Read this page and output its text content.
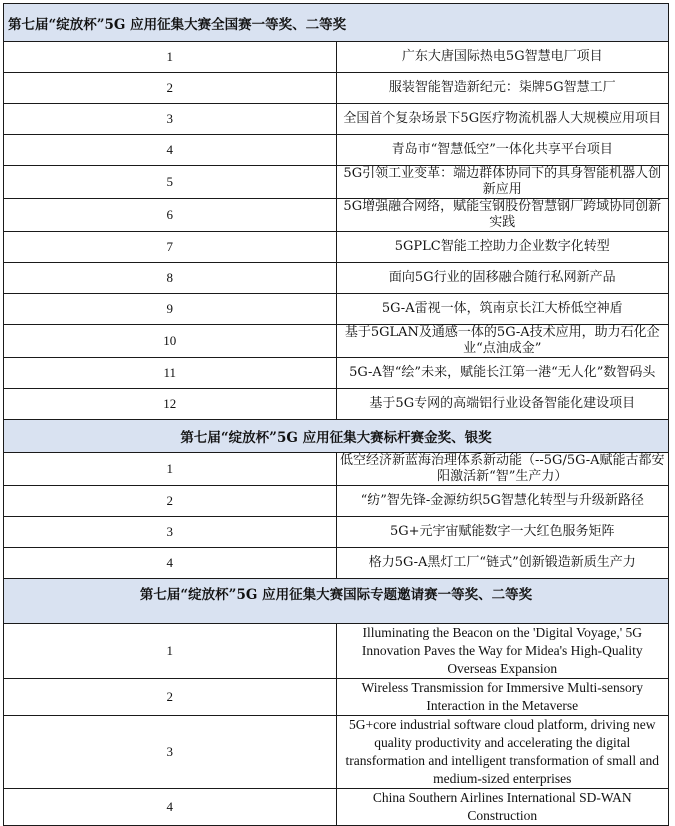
第七届“绽放杯”5G 应用征集大赛全国赛一等奖、二等奖	
1	广东大唐国际热电5G智慧电厂项目
2	服装智能智造新纪元：柒牌5G智慧工厂
3	全国首个复杂场景下5G医疗物流机器人大规模应用项目
4	青岛市“智慧低空”一体化共享平台项目
5	5G引领工业变革：端边群体协同下的具身智能机器人创新应用
6	5G增强融合网络，赋能宝钢股份智慧钢厂跨域协同创新实践
7	5GPLC智能工控助力企业数字化转型
8	面向5G行业的固移融合随行私网新产品
9	5G-A雷视一体，筑南京长江大桥低空神盾
10	基于5GLAN及通感一体的5G-A技术应用，助力石化企业“点油成金”
11	5G-A智“绘”未来，赋能长江第一港“无人化”数智码头
12	基于5G专网的高端铝行业设备智能化建设项目
第七届“绽放杯”5G 应用征集大赛标杆赛金奖、银奖	
1	低空经济新蓝海治理体系新动能（--5G/5G-A赋能古都安阳激活新“智”生产力）
2	“纺”智先锋-金源纺织5G智慧化转型与升级新路径
3	5G+元宇宙赋能数字一大红色服务矩阵
4	格力5G-A黑灯工厂“链式”创新锻造新质生产力
第七届“绽放杯”5G 应用征集大赛国际专题邀请赛一等奖、二等奖	
1	Illuminating the Beacon on the 'Digital Voyage,' 5G Innovation Paves the Way for Midea's High-Quality Overseas Expansion
2	Wireless Transmission for Immersive Multi-sensory Interaction in the Metaverse
3	5G+core industrial software cloud platform, driving new quality productivity and accelerating the digital transformation and intelligent transformation of small and medium-sized enterprises
4	China Southern Airlines International SD-WAN Construction
